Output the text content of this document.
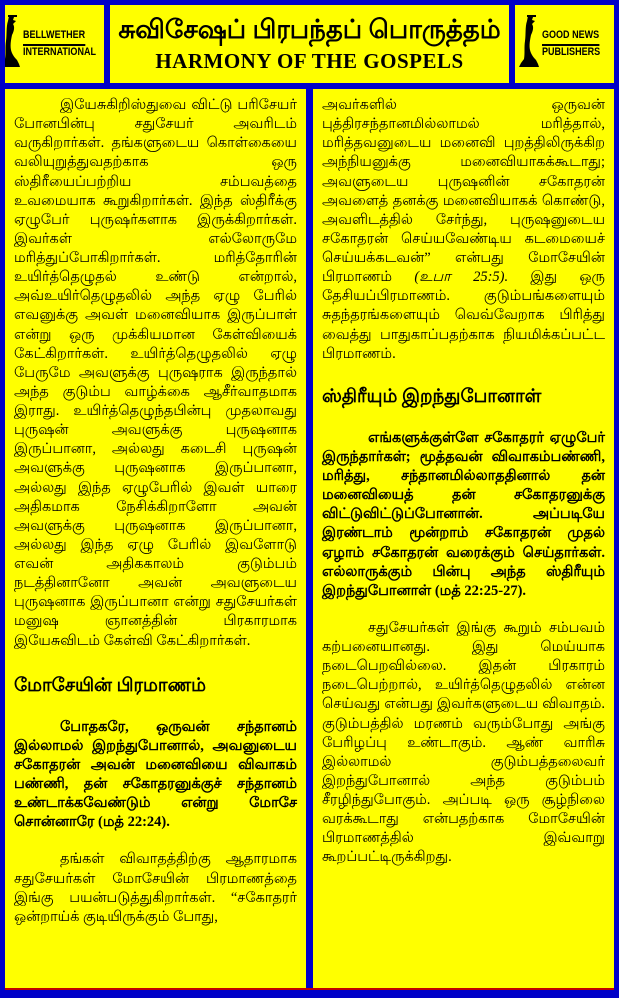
BELLWETHER
INTERNATIONAL
சுவிசேஷப் பிரபந்தப் பொருத்தம்
HARMONY OF THE GOSPELS
GOOD NEWS
PUBLISHERS

இயேசுகிறிஸ்துவை விட்டு பரிசேயர் போனபின்பு சதுசேயர் அவரிடம் வருகிறார்கள். தங்களுடைய கொள்கையை வலியுறுத்துவதற்காக ஒரு ஸ்திரீயைப்பற்றிய சம்பவத்தை உவமையாக கூறுகிறார்கள். இந்த ஸ்திரீக்கு ஏழுபேர் புருஷர்களாக இருக்கிறார்கள். இவர்கள் எல்லோருமே மரித்துப்போகிறார்கள். மரித்தோரின் உயிர்த்தெழுதல் உண்டு என்றால், அவ்உயிர்தெழுதலில் அந்த ஏழு பேரில் எவனுக்கு அவள் மனைவியாக இருப்பாள் என்று ஒரு முக்கியமான கேள்வியைக் கேட்கிறார்கள். உயிர்த்தெழுதலில் ஏழு பேருமே அவளுக்கு புருஷராக இருந்தால் அந்த குடும்ப வாழ்க்கை ஆசீர்வாதமாக இராது. உயிர்த்தெழுந்தபின்பு முதலாவது புருஷன் அவளுக்கு புருஷனாக இருப்பானா, அல்லது கடைசி புருஷன் அவளுக்கு புருஷனாக இருப்பானா, அல்லது இந்த ஏழுபேரில் இவள் யாரை அதிகமாக நேசிக்கிறாளோ அவன் அவளுக்கு புருஷனாக இருப்பானா, அல்லது இந்த ஏழு பேரில் இவளோடு எவன் அதிககாலம் குடும்பம் நடத்தினானோ அவன் அவளுடைய புருஷனாக இருப்பானா என்று சதுசேயர்கள் மனுஷ ஞானத்தின் பிரகாரமாக இயேசுவிடம் கேள்வி கேட்கிறார்கள்.

மோசேயின் பிரமாணம்

போதகரே, ஒருவன் சந்தானம் இல்லாமல் இறந்துபோனால், அவனுடைய சகோதரன் அவன் மனைவியை விவாகம் பண்ணி, தன் சகோதரனுக்குச் சந்தானம் உண்டாக்கவேண்டும் என்று மோசே சொன்னாரே (மத் 22:24).

தங்கள் விவாதத்திற்கு ஆதாரமாக சதுசேயர்கள் மோசேயின் பிரமாணத்தை இங்கு பயன்படுத்துகிறார்கள். “சகோதரர் ஒன்றாய்க் குடியிருக்கும் போது,

அவர்களில் ஒருவன் புத்திரசந்தானமில்லாமல் மரித்தால், மரித்தவனுடைய மனைவி புறத்திலிருக்கிற அந்நியனுக்கு மனைவியாகக்கூடாது; அவளுடைய புருஷனின் சகோதரன் அவளைத் தனக்கு மனைவியாகக் கொண்டு, அவளிடத்தில் சேர்ந்து, புருஷனுடைய சகோதரன் செய்யவேண்டிய கடமையைச் செய்யக்கடவன்” என்பது மோசேயின் பிரமாணம் (உபா 25:5). இது ஒரு தேசியப்பிரமாணம். குடும்பங்களையும் சுதந்தரங்களையும் வெவ்வேறாக பிரித்து வைத்து பாதுகாப்பதற்காக நியமிக்கப்பட்ட பிரமாணம்.

ஸ்திரீயும் இறந்துபோனாள்

எங்களுக்குள்ளே சகோதரர் ஏழுபேர் இருந்தார்கள்; மூத்தவன் விவாகம்பண்ணி, மரித்து, சந்தானமில்லாததினால் தன் மனைவியைத் தன் சகோதரனுக்கு விட்டுவிட்டுப்போனான். அப்படியே இரண்டாம் மூன்றாம் சகோதரன் முதல் ஏழாம் சகோதரன் வரைக்கும் செய்தார்கள். எல்லாருக்கும் பின்பு அந்த ஸ்திரீயும் இறந்துபோனாள் (மத் 22:25-27).

சதுசேயர்கள் இங்கு கூறும் சம்பவம் கற்பனையானது. இது மெய்யாக நடைபெறவில்லை. இதன் பிரகாரம் நடைபெற்றால், உயிர்த்தெழுதலில் என்ன செய்வது என்பது இவர்களுடைய விவாதம். குடும்பத்தில் மரணம் வரும்போது அங்கு பேரிழப்பு உண்டாகும். ஆண் வாரிசு இல்லாமல் குடும்பத்தலைவர் இறந்துபோனால் அந்த குடும்பம் சீரழிந்துபோகும். அப்படி ஒரு சூழ்நிலை வரக்கூடாது என்பதற்காக மோசேயின் பிரமாணத்தில் இவ்வாறு கூறப்பட்டிருக்கிறது.
